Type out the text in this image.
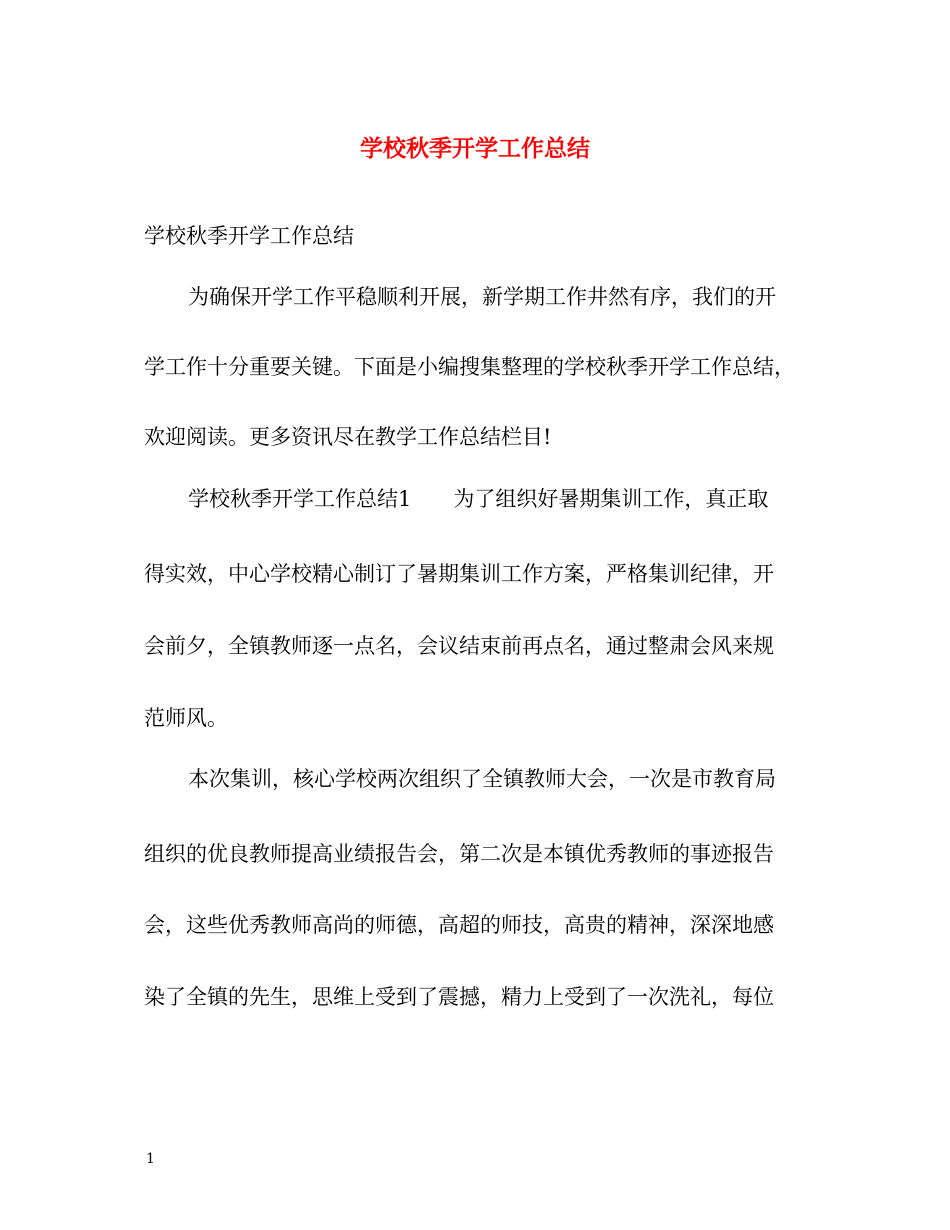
学校秋季开学工作总结
学校秋季开学工作总结
为确保开学工作平稳顺利开展，新学期工作井然有序，我们的开
学工作十分重要关键。下面是小编搜集整理的学校秋季开学工作总结，
欢迎阅读。更多资讯尽在教学工作总结栏目!
学校秋季开学工作总结1　　为了组织好暑期集训工作，真正取
得实效，中心学校精心制订了暑期集训工作方案，严格集训纪律，开
会前夕，全镇教师逐一点名，会议结束前再点名，通过整肃会风来规
范师风。
本次集训，核心学校两次组织了全镇教师大会，一次是市教育局
组织的优良教师提高业绩报告会，第二次是本镇优秀教师的事迹报告
会，这些优秀教师高尚的师德，高超的师技，高贵的精神，深深地感
染了全镇的先生，思维上受到了震撼，精力上受到了一次洗礼，每位
1
